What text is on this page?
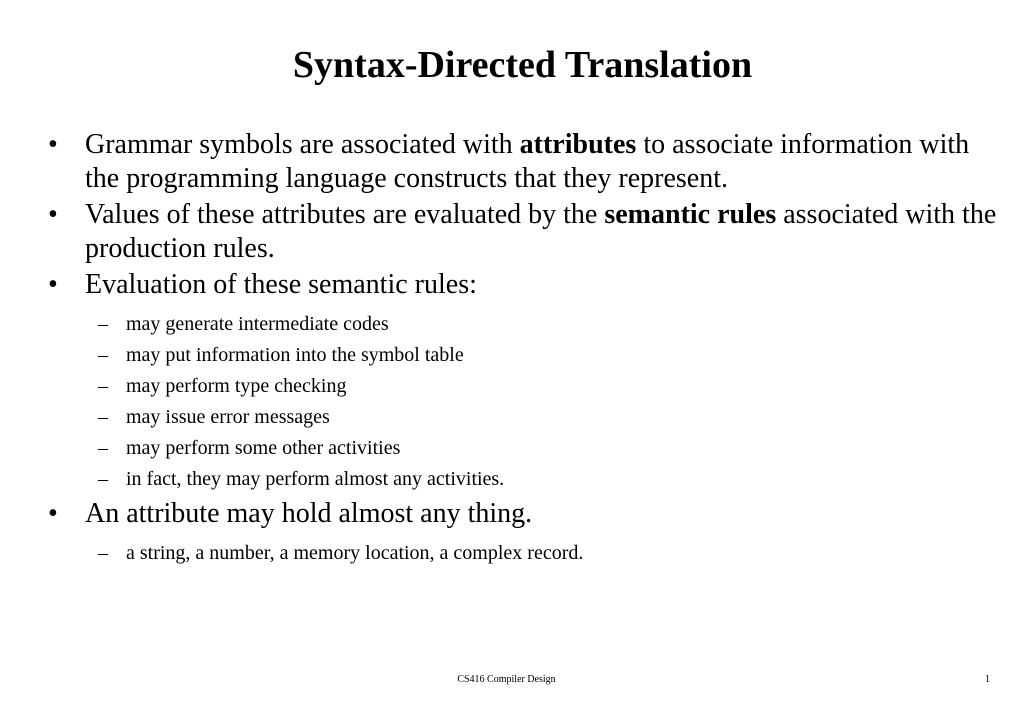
Syntax-Directed Translation
• Grammar symbols are associated with attributes to associate information with the programming language constructs that they represent.
• Values of these attributes are evaluated by the semantic rules associated with the production rules.
• Evaluation of these semantic rules:
– may generate intermediate codes
– may put information into the symbol table
– may perform type checking
– may issue error messages
– may perform some other activities
– in fact, they may perform almost any activities.
• An attribute may hold almost any thing.
– a string, a number, a memory location, a complex record.
CS416 Compiler Design	1
